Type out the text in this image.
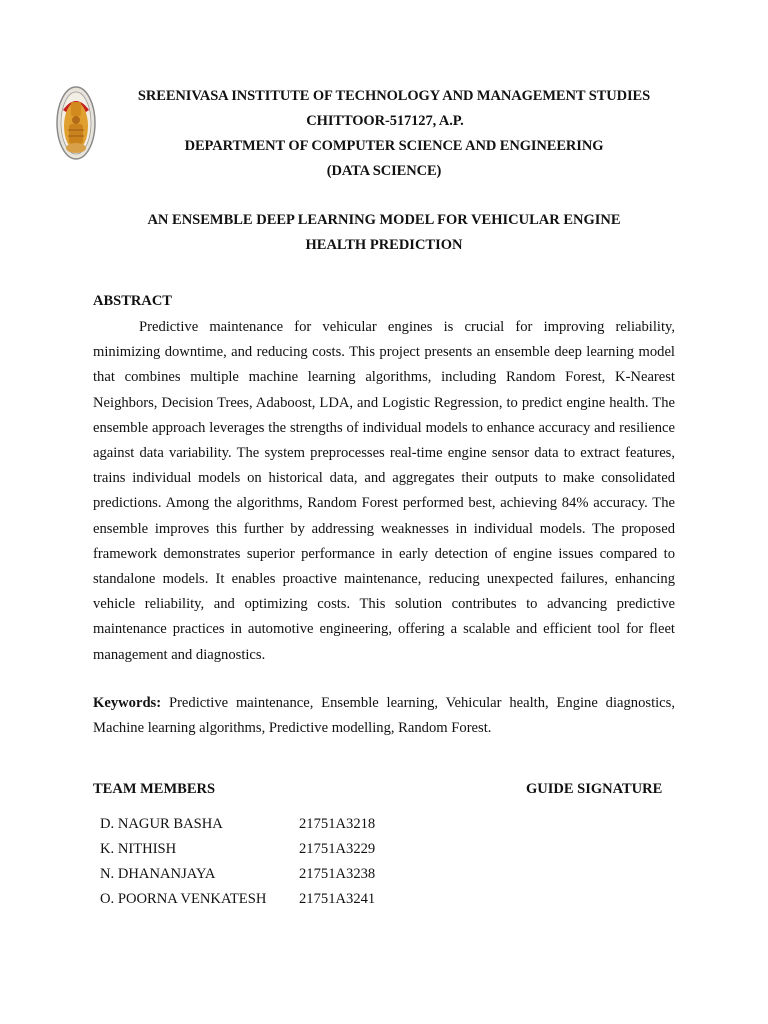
SREENIVASA INSTITUTE OF TECHNOLOGY AND MANAGEMENT STUDIES
CHITTOOR-517127, A.P.
DEPARTMENT OF COMPUTER SCIENCE AND ENGINEERING
(DATA SCIENCE)
AN ENSEMBLE DEEP LEARNING MODEL FOR VEHICULAR ENGINE
HEALTH PREDICTION
ABSTRACT

Predictive maintenance for vehicular engines is crucial for improving reliability, minimizing downtime, and reducing costs. This project presents an ensemble deep learning model that combines multiple machine learning algorithms, including Random Forest, K-Nearest Neighbors, Decision Trees, Adaboost, LDA, and Logistic Regression, to predict engine health. The ensemble approach leverages the strengths of individual models to enhance accuracy and resilience against data variability. The system preprocesses real-time engine sensor data to extract features, trains individual models on historical data, and aggregates their outputs to make consolidated predictions. Among the algorithms, Random Forest performed best, achieving 84% accuracy. The ensemble improves this further by addressing weaknesses in individual models. The proposed framework demonstrates superior performance in early detection of engine issues compared to standalone models. It enables proactive maintenance, reducing unexpected failures, enhancing vehicle reliability, and optimizing costs. This solution contributes to advancing predictive maintenance practices in automotive engineering, offering a scalable and efficient tool for fleet management and diagnostics.

Keywords: Predictive maintenance, Ensemble learning, Vehicular health, Engine diagnostics, Machine learning algorithms, Predictive modelling, Random Forest.

TEAM MEMBERS	GUIDE SIGNATURE
D. NAGUR BASHA	21751A3218
K. NITHISH	21751A3229
N. DHANANJAYA	21751A3238
O. POORNA VENKATESH	21751A3241
